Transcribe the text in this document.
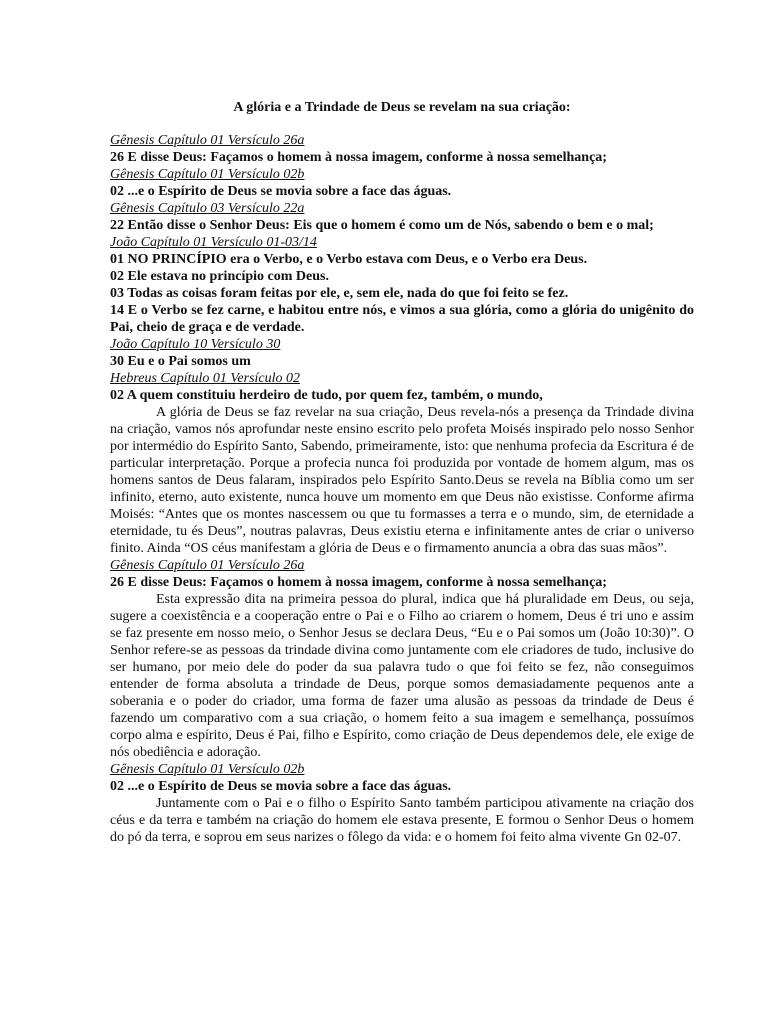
A glória e a Trindade de Deus se revelam na sua criação:

Gênesis Capítulo 01 Versículo 26a

26 E disse Deus: Façamos o homem à nossa imagem, conforme à nossa semelhança;

Gênesis Capítulo 01 Versículo 02b

02 ...e o Espírito de Deus se movia sobre a face das águas.

Gênesis Capítulo 03 Versículo 22a

22 Então disse o Senhor Deus: Eis que o homem é como um de Nós, sabendo o bem e o mal;

João Capítulo 01 Versículo 01-03/14

01 NO PRINCÍPIO era o Verbo, e o Verbo estava com Deus, e o Verbo era Deus.

02 Ele estava no princípio com Deus.

03 Todas as coisas foram feitas por ele, e, sem ele, nada do que foi feito se fez.

14 E o Verbo se fez carne, e habitou entre nós, e vimos a sua glória, como a glória do unigênito do Pai, cheio de graça e de verdade.

João Capítulo 10 Versículo 30

30 Eu e o Pai somos um

Hebreus Capítulo 01 Versículo 02

02 A quem constituiu herdeiro de tudo, por quem fez, também, o mundo,

A glória de Deus se faz revelar na sua criação, Deus revela-nós a presença da Trindade divina na criação, vamos nós aprofundar neste ensino escrito pelo profeta Moisés inspirado pelo nosso Senhor por intermédio do Espírito Santo, Sabendo, primeiramente, isto: que nenhuma profecia da Escritura é de particular interpretação. Porque a profecia nunca foi produzida por vontade de homem algum, mas os homens santos de Deus falaram, inspirados pelo Espírito Santo.Deus se revela na Bíblia como um ser infinito, eterno, auto existente, nunca houve um momento em que Deus não existisse. Conforme afirma Moisés: “Antes que os montes nascessem ou que tu formasses a terra e o mundo, sim, de eternidade a eternidade, tu és Deus”, noutras palavras, Deus existiu eterna e infinitamente antes de criar o universo finito. Ainda “OS céus manifestam a glória de Deus e o firmamento anuncia a obra das suas mãos”.

Gênesis Capítulo 01 Versículo 26a

26 E disse Deus: Façamos o homem à nossa imagem, conforme à nossa semelhança;

Esta expressão dita na primeira pessoa do plural, indica que há pluralidade em Deus, ou seja, sugere a coexistência e a cooperação entre o Pai e o Filho ao criarem o homem, Deus é tri uno e assim se faz presente em nosso meio, o Senhor Jesus se declara Deus, “Eu e o Pai somos um (João 10:30)”. O Senhor refere-se as pessoas da trindade divina como juntamente com ele criadores de tudo, inclusive do ser humano, por meio dele do poder da sua palavra tudo o que foi feito se fez, não conseguimos entender de forma absoluta a trindade de Deus, porque somos demasiadamente pequenos ante a soberania e o poder do criador, uma forma de fazer uma alusão as pessoas da trindade de Deus é fazendo um comparativo com a sua criação, o homem feito a sua imagem e semelhança, possuímos corpo alma e espírito, Deus é Pai, filho e Espírito, como criação de Deus dependemos dele, ele exige de nós obediência e adoração.

Gênesis Capítulo 01 Versículo 02b

02 ...e o Espírito de Deus se movia sobre a face das águas.

Juntamente com o Pai e o filho o Espírito Santo também participou ativamente na criação dos céus e da terra e também na criação do homem ele estava presente, E formou o Senhor Deus o homem do pó da terra, e soprou em seus narizes o fôlego da vida: e o homem foi feito alma vivente Gn 02-07.
